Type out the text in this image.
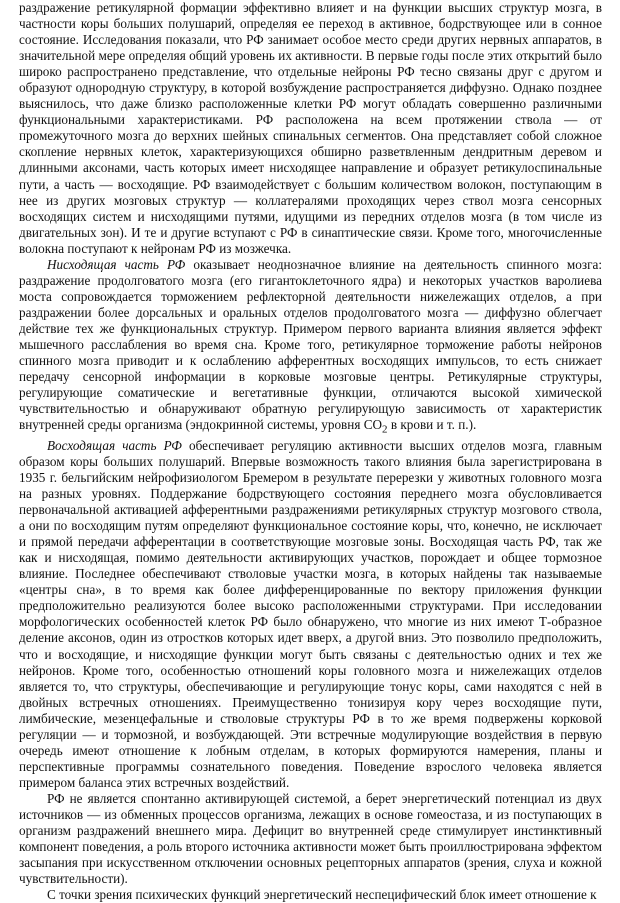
раздражение ретикулярной формации эффективно влияет и на функции высших структур мозга, в частности коры больших полушарий, определяя ее переход в активное, бодрствующее или в сонное состояние. Исследования показали, что РФ занимает особое место среди других нервных аппаратов, в значительной мере определяя общий уровень их активности. В первые годы после этих открытий было широко распространено представление, что отдельные нейроны РФ тесно связаны друг с другом и образуют однородную структуру, в которой возбуждение распространяется диффузно. Однако позднее выяснилось, что даже близко расположенные клетки РФ могут обладать совершенно различными функциональными характеристиками. РФ расположена на всем протяжении ствола — от промежуточного мозга до верхних шейных спинальных сегментов. Она представляет собой сложное скопление нервных клеток, характеризующихся обширно разветвленным дендритным деревом и длинными аксонами, часть которых имеет нисходящее направление и образует ретикулоспинальные пути, а часть — восходящие. РФ взаимодействует с большим количеством волокон, поступающим в нее из других мозговых структур — коллатералями проходящих через ствол мозга сенсорных восходящих систем и нисходящими путями, идущими из передних отделов мозга (в том числе из двигательных зон). И те и другие вступают с РФ в синаптические связи. Кроме того, многочисленные волокна поступают к нейронам РФ из мозжечка.

Нисходящая часть РФ оказывает неоднозначное влияние на деятельность спинного мозга: раздражение продолговатого мозга (его гигантоклеточного ядра) и некоторых участков варолиева моста сопровождается торможением рефлекторной деятельности нижележащих отделов, а при раздражении более дорсальных и оральных отделов продолговатого мозга — диффузно облегчает действие тех же функциональных структур. Примером первого варианта влияния является эффект мышечного расслабления во время сна. Кроме того, ретикулярное торможение работы нейронов спинного мозга приводит и к ослаблению афферентных восходящих импульсов, то есть снижает передачу сенсорной информации в корковые мозговые центры. Ретикулярные структуры, регулирующие соматические и вегетативные функции, отличаются высокой химической чувствительностью и обнаруживают обратную регулирующую зависимость от характеристик внутренней среды организма (эндокринной системы, уровня $СО_2$ в крови и т. п.).

Восходящая часть РФ обеспечивает регуляцию активности высших отделов мозга, главным образом коры больших полушарий. Впервые возможность такого влияния была зарегистрирована в 1935 г. бельгийским нейрофизиологом Бремером в результате перерезки у животных головного мозга на разных уровнях. Поддержание бодрствующего состояния переднего мозга обусловливается первоначальной активацией афферентными раздражениями ретикулярных структур мозгового ствола, а они по восходящим путям определяют функциональное состояние коры, что, конечно, не исключает и прямой передачи афферентации в соответствующие мозговые зоны. Восходящая часть РФ, так же как и нисходящая, помимо деятельности активирующих участков, порождает и общее тормозное влияние. Последнее обеспечивают стволовые участки мозга, в которых найдены так называемые «центры сна», в то время как более дифференцированные по вектору приложения функции предположительно реализуются более высоко расположенными структурами. При исследовании морфологических особенностей клеток РФ было обнаружено, что многие из них имеют Т-образное деление аксонов, один из отростков которых идет вверх, а другой вниз. Это позволило предположить, что и восходящие, и нисходящие функции могут быть связаны с деятельностью одних и тех же нейронов. Кроме того, особенностью отношений коры головного мозга и нижележащих отделов является то, что структуры, обеспечивающие и регулирующие тонус коры, сами находятся с ней в двойных встречных отношениях. Преимущественно тонизируя кору через восходящие пути, лимбические, мезенцефальные и стволовые структуры РФ в то же время подвержены корковой регуляции — и тормозной, и возбуждающей. Эти встречные модулирующие воздействия в первую очередь имеют отношение к лобным отделам, в которых формируются намерения, планы и перспективные программы сознательного поведения. Поведение взрослого человека является примером баланса этих встречных воздействий.

РФ не является спонтанно активирующей системой, а берет энергетический потенциал из двух источников — из обменных процессов организма, лежащих в основе гомеостаза, и из поступающих в организм раздражений внешнего мира. Дефицит во внутренней среде стимулирует инстинктивный компонент поведения, а роль второго источника активности может быть проиллюстрирована эффектом засыпания при искусственном отключении основных рецепторных аппаратов (зрения, слуха и кожной чувствительности).

С точки зрения психических функций энергетический неспецифический блок имеет отношение к
